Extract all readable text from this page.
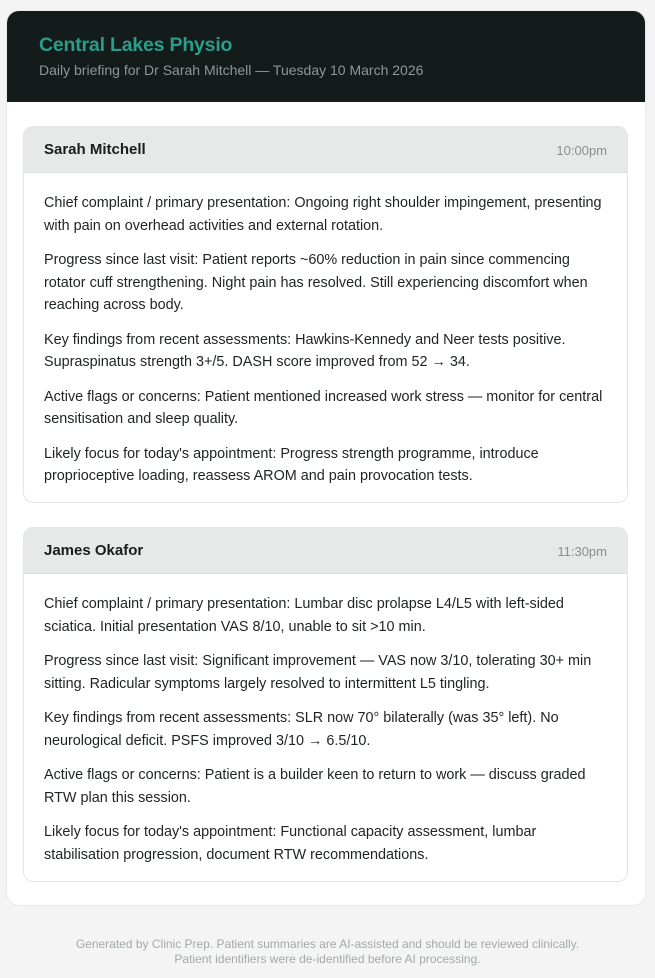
Central Lakes Physio
Daily briefing for Dr Sarah Mitchell — Tuesday 10 March 2026
Sarah Mitchell	10:00pm

Chief complaint / primary presentation: Ongoing right shoulder impingement, presenting with pain on overhead activities and external rotation.

Progress since last visit: Patient reports ~60% reduction in pain since commencing rotator cuff strengthening. Night pain has resolved. Still experiencing discomfort when reaching across body.

Key findings from recent assessments: Hawkins-Kennedy and Neer tests positive. Supraspinatus strength 3+/5. DASH score improved from 52 → 34.

Active flags or concerns: Patient mentioned increased work stress — monitor for central sensitisation and sleep quality.

Likely focus for today's appointment: Progress strength programme, introduce proprioceptive loading, reassess AROM and pain provocation tests.

James Okafor	11:30pm

Chief complaint / primary presentation: Lumbar disc prolapse L4/L5 with left-sided sciatica. Initial presentation VAS 8/10, unable to sit >10 min.

Progress since last visit: Significant improvement — VAS now 3/10, tolerating 30+ min sitting. Radicular symptoms largely resolved to intermittent L5 tingling.

Key findings from recent assessments: SLR now 70° bilaterally (was 35° left). No neurological deficit. PSFS improved 3/10 → 6.5/10.

Active flags or concerns: Patient is a builder keen to return to work — discuss graded RTW plan this session.

Likely focus for today's appointment: Functional capacity assessment, lumbar stabilisation progression, document RTW recommendations.

Generated by Clinic Prep. Patient summaries are AI-assisted and should be reviewed clinically.
Patient identifiers were de-identified before AI processing.
